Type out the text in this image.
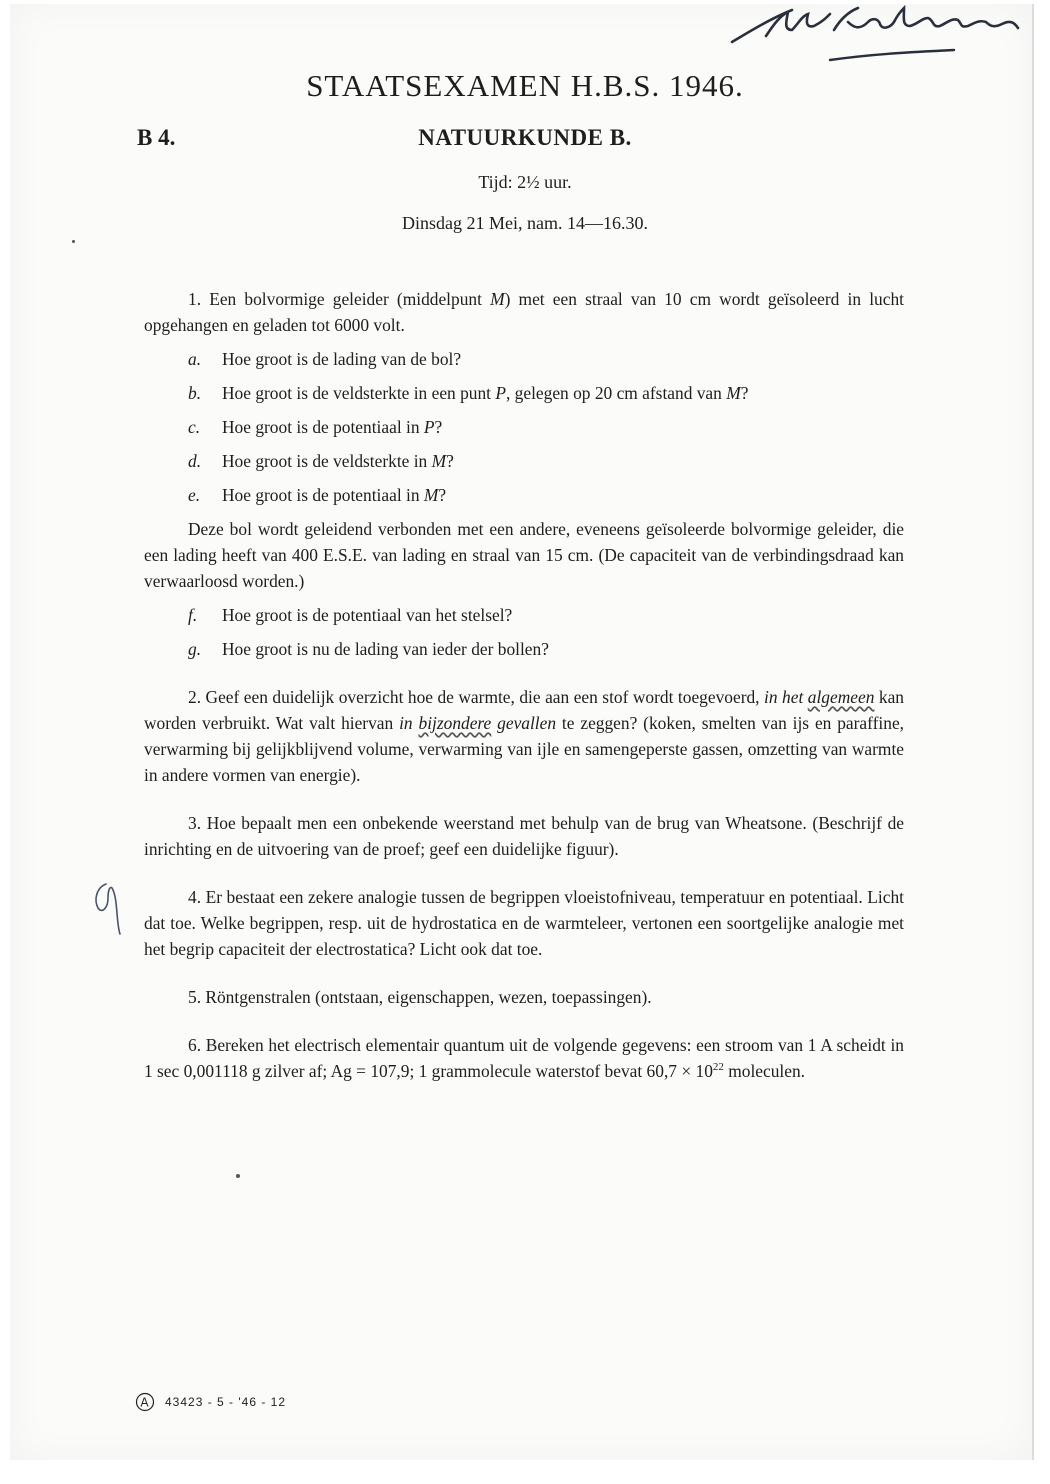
STAATSEXAMEN H.B.S. 1946.
B 4.	NATUURKUNDE B.
Tijd: 2½ uur.
Dinsdag 21 Mei, nam. 14—16.30.

1. Een bolvormige geleider (middelpunt M) met een straal van 10 cm wordt geïsoleerd in lucht opgehangen en geladen tot 6000 volt.

a. Hoe groot is de lading van de bol?

b. Hoe groot is de veldsterkte in een punt P, gelegen op 20 cm afstand van M?

c. Hoe groot is de potentiaal in P?

d. Hoe groot is de veldsterkte in M?

e. Hoe groot is de potentiaal in M?

Deze bol wordt geleidend verbonden met een andere, eveneens geïsoleerde bolvormige geleider, die een lading heeft van 400 E.S.E. van lading en straal van 15 cm. (De capaciteit van de verbindingsdraad kan verwaarloosd worden.)

f. Hoe groot is de potentiaal van het stelsel?

g. Hoe groot is nu de lading van ieder der bollen?

2. Geef een duidelijk overzicht hoe de warmte, die aan een stof wordt toegevoerd, in het algemeen kan worden verbruikt. Wat valt hiervan in bijzondere gevallen te zeggen? (koken, smelten van ijs en paraffine, verwarming bij gelijkblijvend volume, verwarming van ijle en samengeperste gassen, omzetting van warmte in andere vormen van energie).

3. Hoe bepaalt men een onbekende weerstand met behulp van de brug van Wheatsone. (Beschrijf de inrichting en de uitvoering van de proef; geef een duidelijke figuur).

4. Er bestaat een zekere analogie tussen de begrippen vloeistofniveau, temperatuur en potentiaal. Licht dat toe. Welke begrippen, resp. uit de hydrostatica en de warmteleer, vertonen een soortgelijke analogie met het begrip capaciteit der electrostatica? Licht ook dat toe.

5. Röntgenstralen (ontstaan, eigenschappen, wezen, toepassingen).

6. Bereken het electrisch elementair quantum uit de volgende gegevens: een stroom van 1 A scheidt in 1 sec 0,001118 g zilver af; Ag = 107,9; 1 grammolecule waterstof bevat $60,7 \times 10^{22}$ moleculen.

A 43423 - 5 - '46 - 12
